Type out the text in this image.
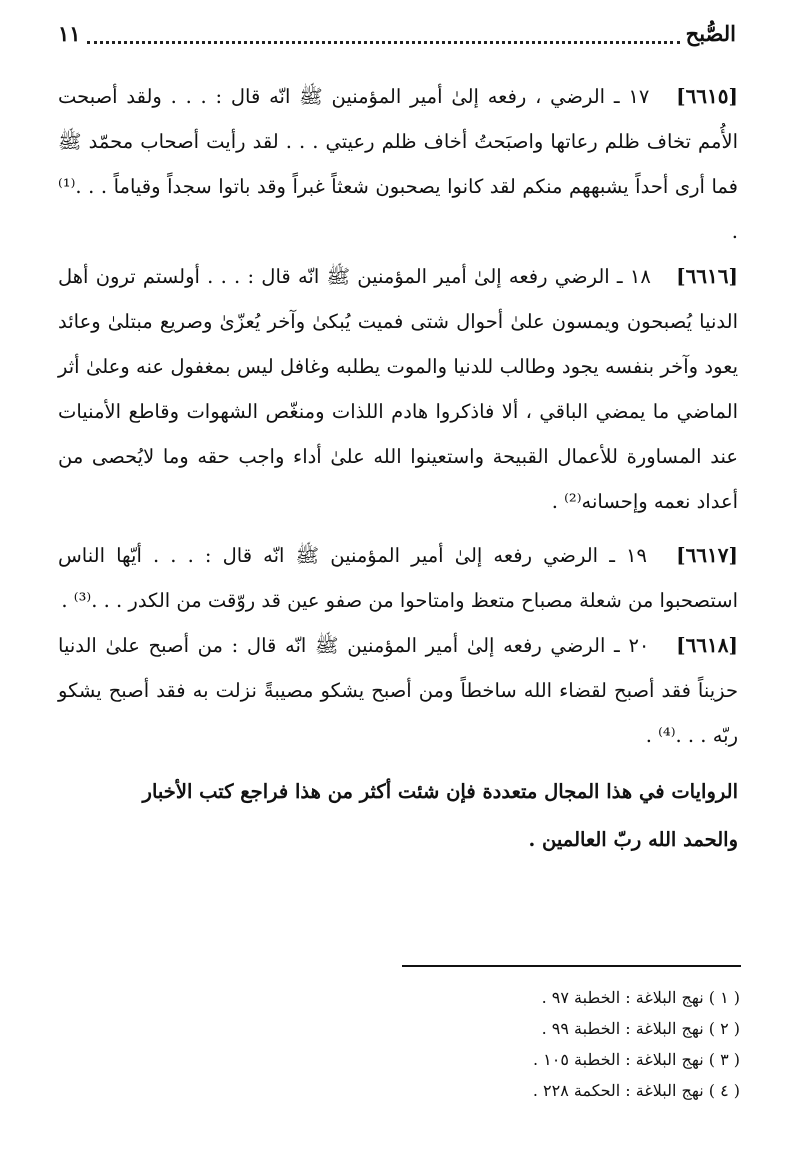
الصُّبح
١١
[٦٦١٥] ١٧ ـ الرضي ، رفعه إلىٰ أمير المؤمنين ﷺ انّه قال : . . . ولقد أصبحت الأُمم تخاف ظلم رعاتها واصبَحتُ أخاف ظلم رعيتي . . . لقد رأيت أصحاب محمّد ﷺ فما أرى أحداً يشبههم منكم لقد كانوا يصحبون شعثاً غبراً وقد باتوا سجداً وقياماً . . .⁽¹⁾ .
[٦٦١٦] ١٨ ـ الرضي رفعه إلىٰ أمير المؤمنين ﷺ انّه قال : . . . أولستم ترون أهل الدنيا يُصبحون ويمسون علىٰ أحوال شتى فميت يُبكىٰ وآخر يُعزّىٰ وصريع مبتلىٰ وعائد يعود وآخر بنفسه يجود وطالب للدنيا والموت يطلبه وغافل ليس بمغفول عنه وعلىٰ أثر الماضي ما يمضي الباقي ، ألا فاذكروا هادم اللذات ومنغّص الشهوات وقاطع الأمنيات عند المساورة للأعمال القبيحة واستعينوا الله علىٰ أداء واجب حقه وما لايُحصى من أعداد نعمه وإحسانه⁽²⁾ .
[٦٦١٧] ١٩ ـ الرضي رفعه إلىٰ أمير المؤمنين ﷺ انّه قال : . . . أيّها الناس استصحبوا من شعلة مصباح متعظ وامتاحوا من صفو عين قد روّقت من الكدر . . .⁽³⁾ .
[٦٦١٨] ٢٠ ـ الرضي رفعه إلىٰ أمير المؤمنين ﷺ انّه قال : من أصبح علىٰ الدنيا حزيناً فقد أصبح لقضاء الله ساخطاً ومن أصبح يشكو مصيبةً نزلت به فقد أصبح يشكو ربّه . . .⁽⁴⁾ .

الروايات في هذا المجال متعددة فإن شئت أكثر من هذا فراجع كتب الأخبار

والحمد الله ربّ العالمين .

( ١ ) نهج البلاغة : الخطبة ٩٧ .
( ٢ ) نهج البلاغة : الخطبة ٩٩ .
( ٣ ) نهج البلاغة : الخطبة ١٠٥ .
( ٤ ) نهج البلاغة : الحكمة ٢٢٨ .
